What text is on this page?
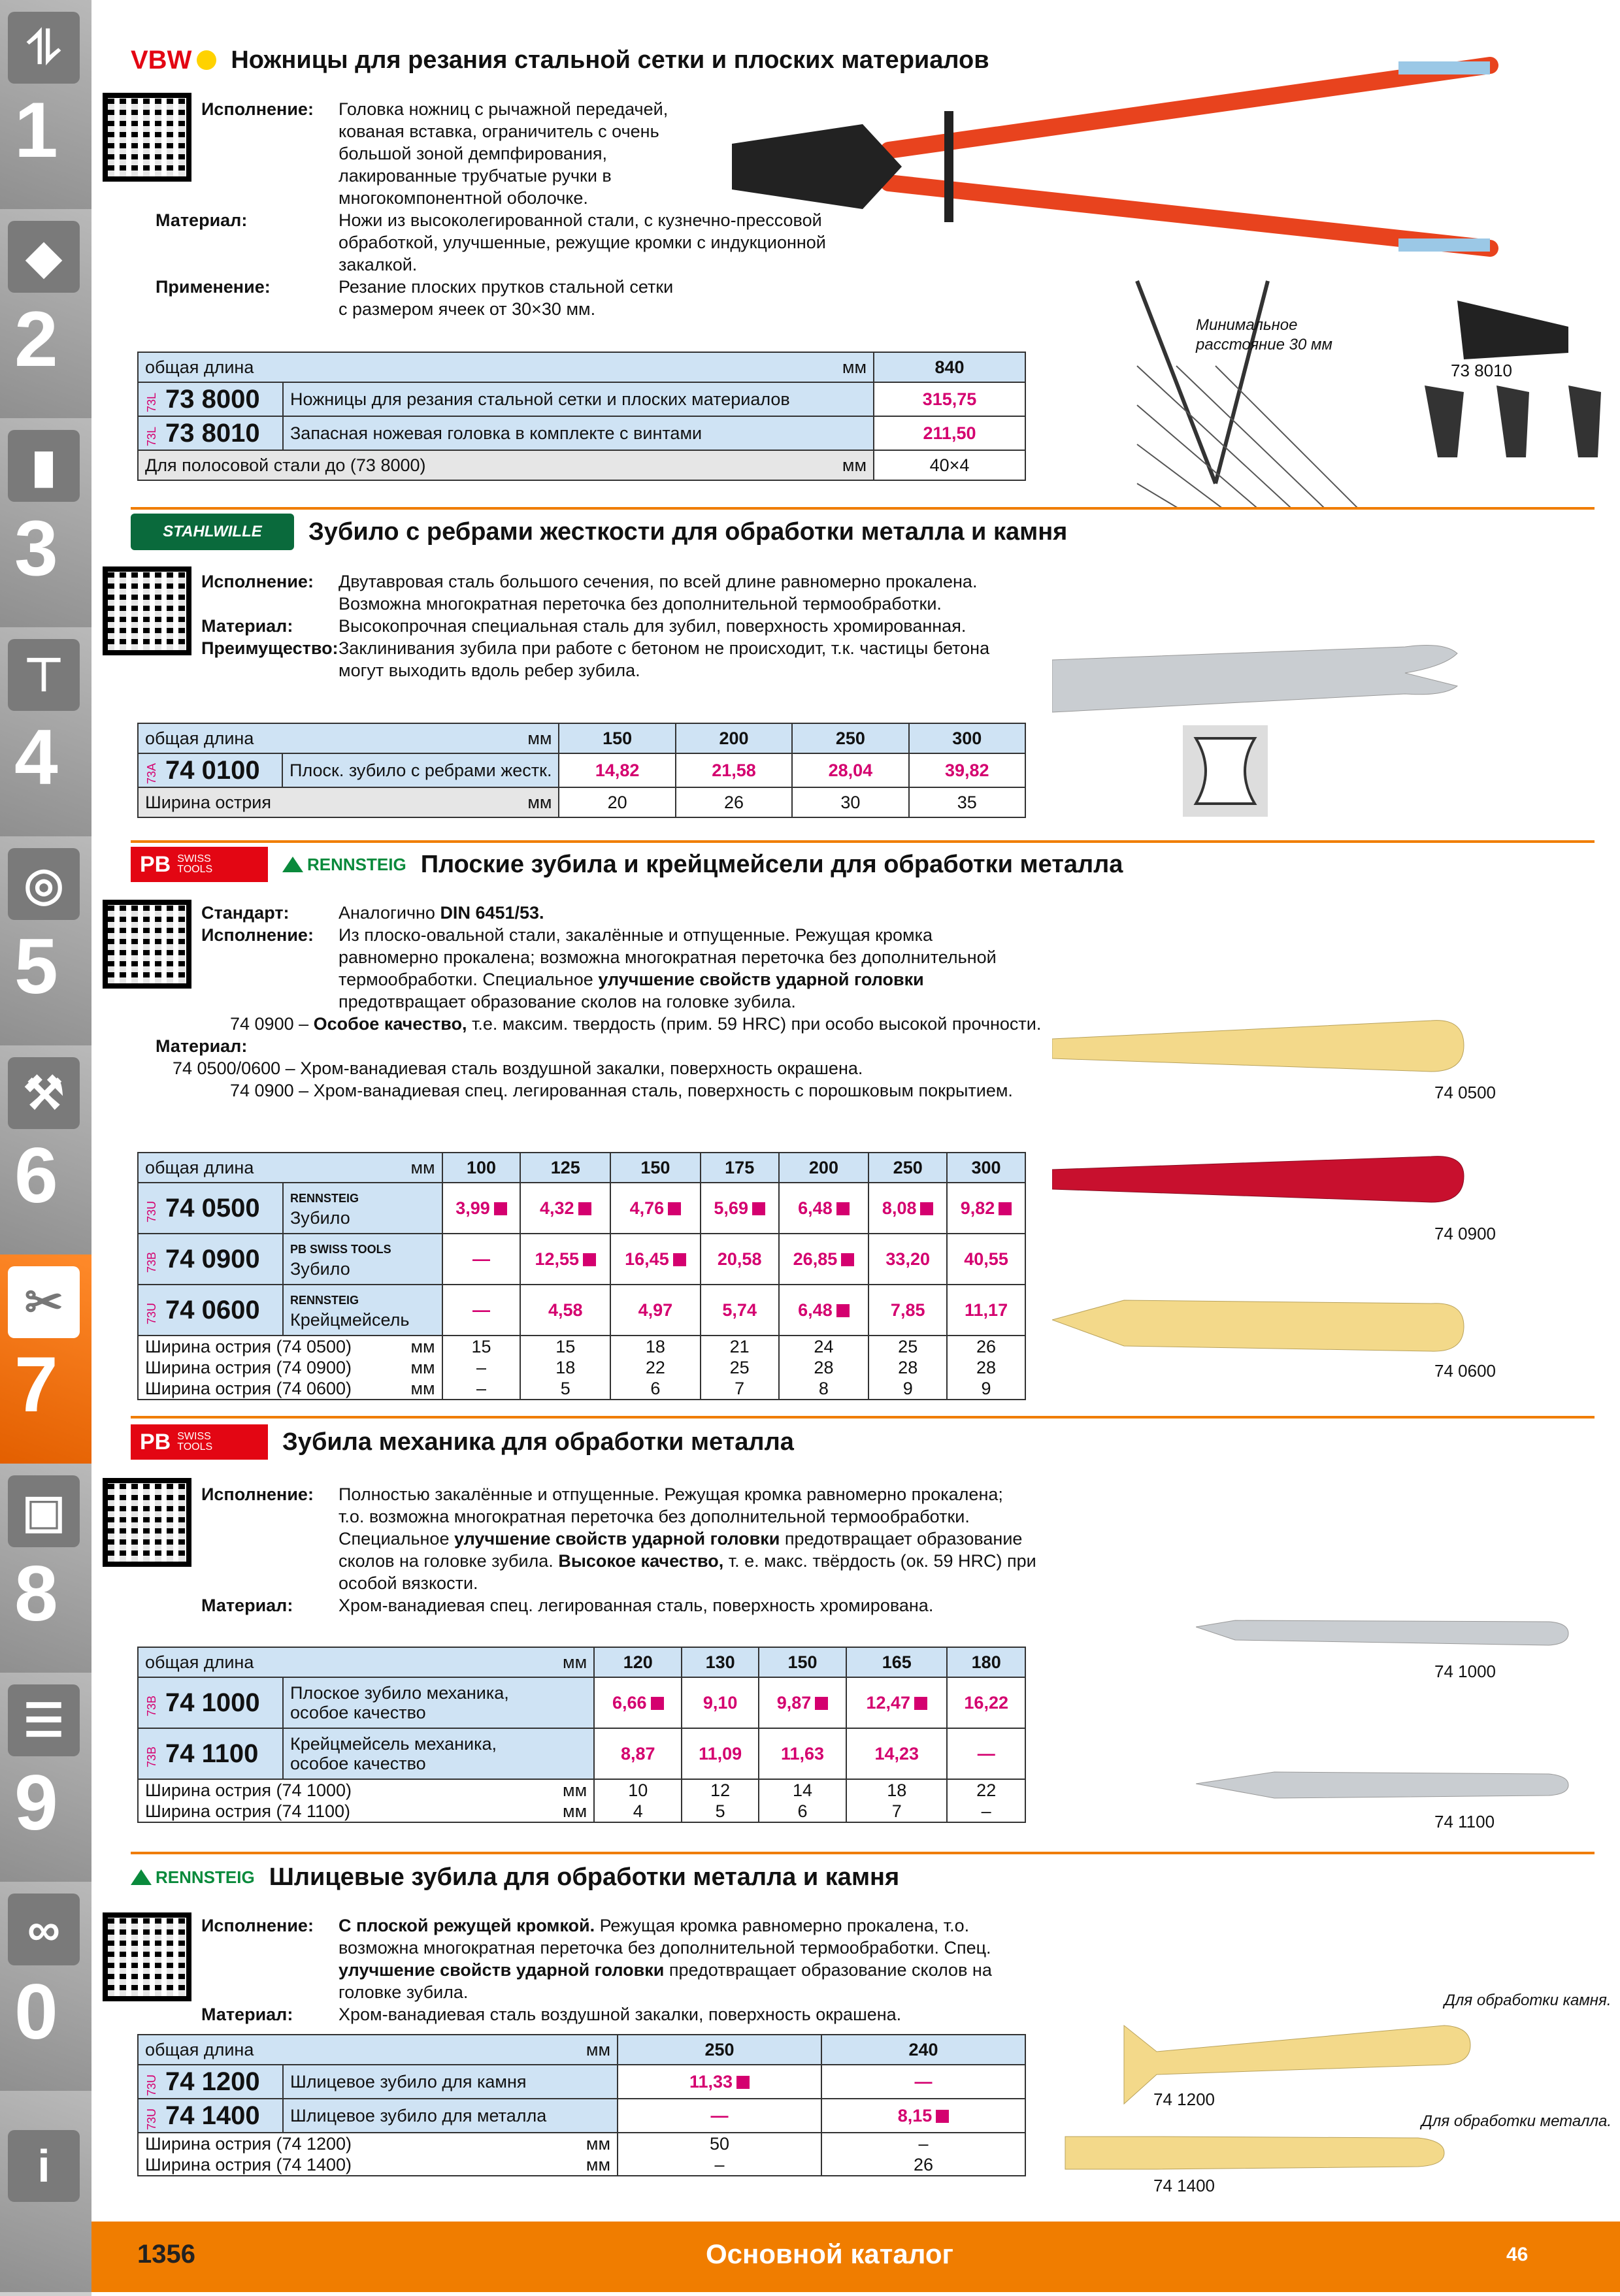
⥮
1
◆
2
▮
3
⊤
4
◎
5
⚒
6
✂
7
▣
8
☰
9
∞
0
i
VBW Ножницы для резания стальной сетки и плоских материалов
Исполнение:	Головка ножниц с рычажной передачей,
кованая вставка, ограничитель с очень
большой зоной демпфирования,
лакированные трубчатые ручки в
многокомпонентной оболочке.
Материал:	Ножи из высоколегированной стали, с кузнечно-прессовой
обработкой, улучшенные, режущие кромки с индукционной
закалкой.
Применение:	Резание плоских прутков стальной сетки
с размером ячеек от 30×30 мм.
Минимальное
расстояние 30 мм
73 8010
общая длина мм		840
73L 73 8000	Ножницы для резания стальной сетки и плоских материалов	315,75
73L 73 8010	Запасная ножевая головка в комплекте с винтами	211,50
Для полосовой стали до (73 8000) мм		40×4
STAHLWILLE	Зубило с ребрами жесткости для обработки металла и камня
Исполнение:	Двутавровая сталь большого сечения, по всей длине равномерно прокалена.
Возможна многократная переточка без дополнительной термообработки.
Материал:	Высокопрочная специальная сталь для зубил, поверхность хромированная.
Преимущество: Заклинивания зубила при работе с бетоном не происходит, т.к. частицы бетона
могут выходить вдоль ребер зубила.
общая длина мм		150	200	250	300
73A 74 0100	Плоск. зубило с ребрами жестк.	14,82	21,58	28,04	39,82
Ширина острия мм		20	26	30	35
PB SWISS
TOOLS	RENNSTEIG Плоские зубила и крейцмейсели для обработки металла
Стандарт:	Аналогично DIN 6451/53.
Исполнение:	Из плоско-овальной стали, закалённые и отпущенные. Режущая кромка
равномерно прокалена; возможна многократная переточка без дополнительной
термообработки. Специальное улучшение свойств ударной головки
предотвращает образование сколов на головке зубила.
74 0900 – Особое качество, т.е. максим. твердость (прим. 59 HRC) при особо высокой прочности.
Материал:
74 0500/0600 – Хром-ванадиевая сталь воздушной закалки, поверхность окрашена.
74 0900 – Хром-ванадиевая спец. легированная сталь, поверхность с порошковым покрытием.	74 0500
74 0900
74 0600
общая длина мм		100	125	150	175	200	250	300
73U 74 0500	RENNSTEIG
Зубило	3,99	4,32	4,76	5,69	6,48	8,08	9,82
73B 74 0900	PB SWISS TOOLS
Зубило	—	12,55	16,45	20,58	26,85	33,20	40,55
73U 74 0600	RENNSTEIG
Крейцмейсель	—	4,58	4,97	5,74	6,48	7,85	11,17
Ширина острия (74 0500) мм		15	15	18	21	24	25	26
Ширина острия (74 0900) мм		–	18	22	25	28	28	28
Ширина острия (74 0600) мм		–	5	6	7	8	9	9
PB SWISS
TOOLS	Зубила механика для обработки металла
Исполнение:	Полностью закалённые и отпущенные. Режущая кромка равномерно прокалена;
т.о. возможна многократная переточка без дополнительной термообработки.
Специальное улучшение свойств ударной головки предотвращает образование
сколов на головке зубила. Высокое качество, т. е. макс. твёрдость (ок. 59 HRC) при
особой вязкости.
Материал:	Хром-ванадиевая спец. легированная сталь, поверхность хромирована.
74 1000
74 1100
общая длина мм		120	130	150	165	180
73B 74 1000	Плоское зубило механика,
особое качество	6,66	9,10	9,87	12,47	16,22
73B 74 1100	Крейцмейсель механика,
особое качество	8,87	11,09	11,63	14,23	—
Ширина острия (74 1000) мм		10	12	14	18	22
Ширина острия (74 1100) мм		4	5	6	7	–
RENNSTEIG Шлицевые зубила для обработки металла и камня
Исполнение:	С плоской режущей кромкой. Режущая кромка равномерно прокалена, т.о.
возможна многократная переточка без дополнительной термообработки. Спец.
улучшение свойств ударной головки предотвращает образование сколов на
головке зубила.
Материал:	Хром-ванадиевая сталь воздушной закалки, поверхность окрашена.
Для обработки камня.
Для обработки металла.
74 1200
74 1400
общая длина мм		250	240
73U 74 1200	Шлицевое зубило для камня	11,33	—
73U 74 1400	Шлицевое зубило для металла	—	8,15
Ширина острия (74 1200) мм		50	–
Ширина острия (74 1400) мм		–	26
1356	Основной каталог	46
